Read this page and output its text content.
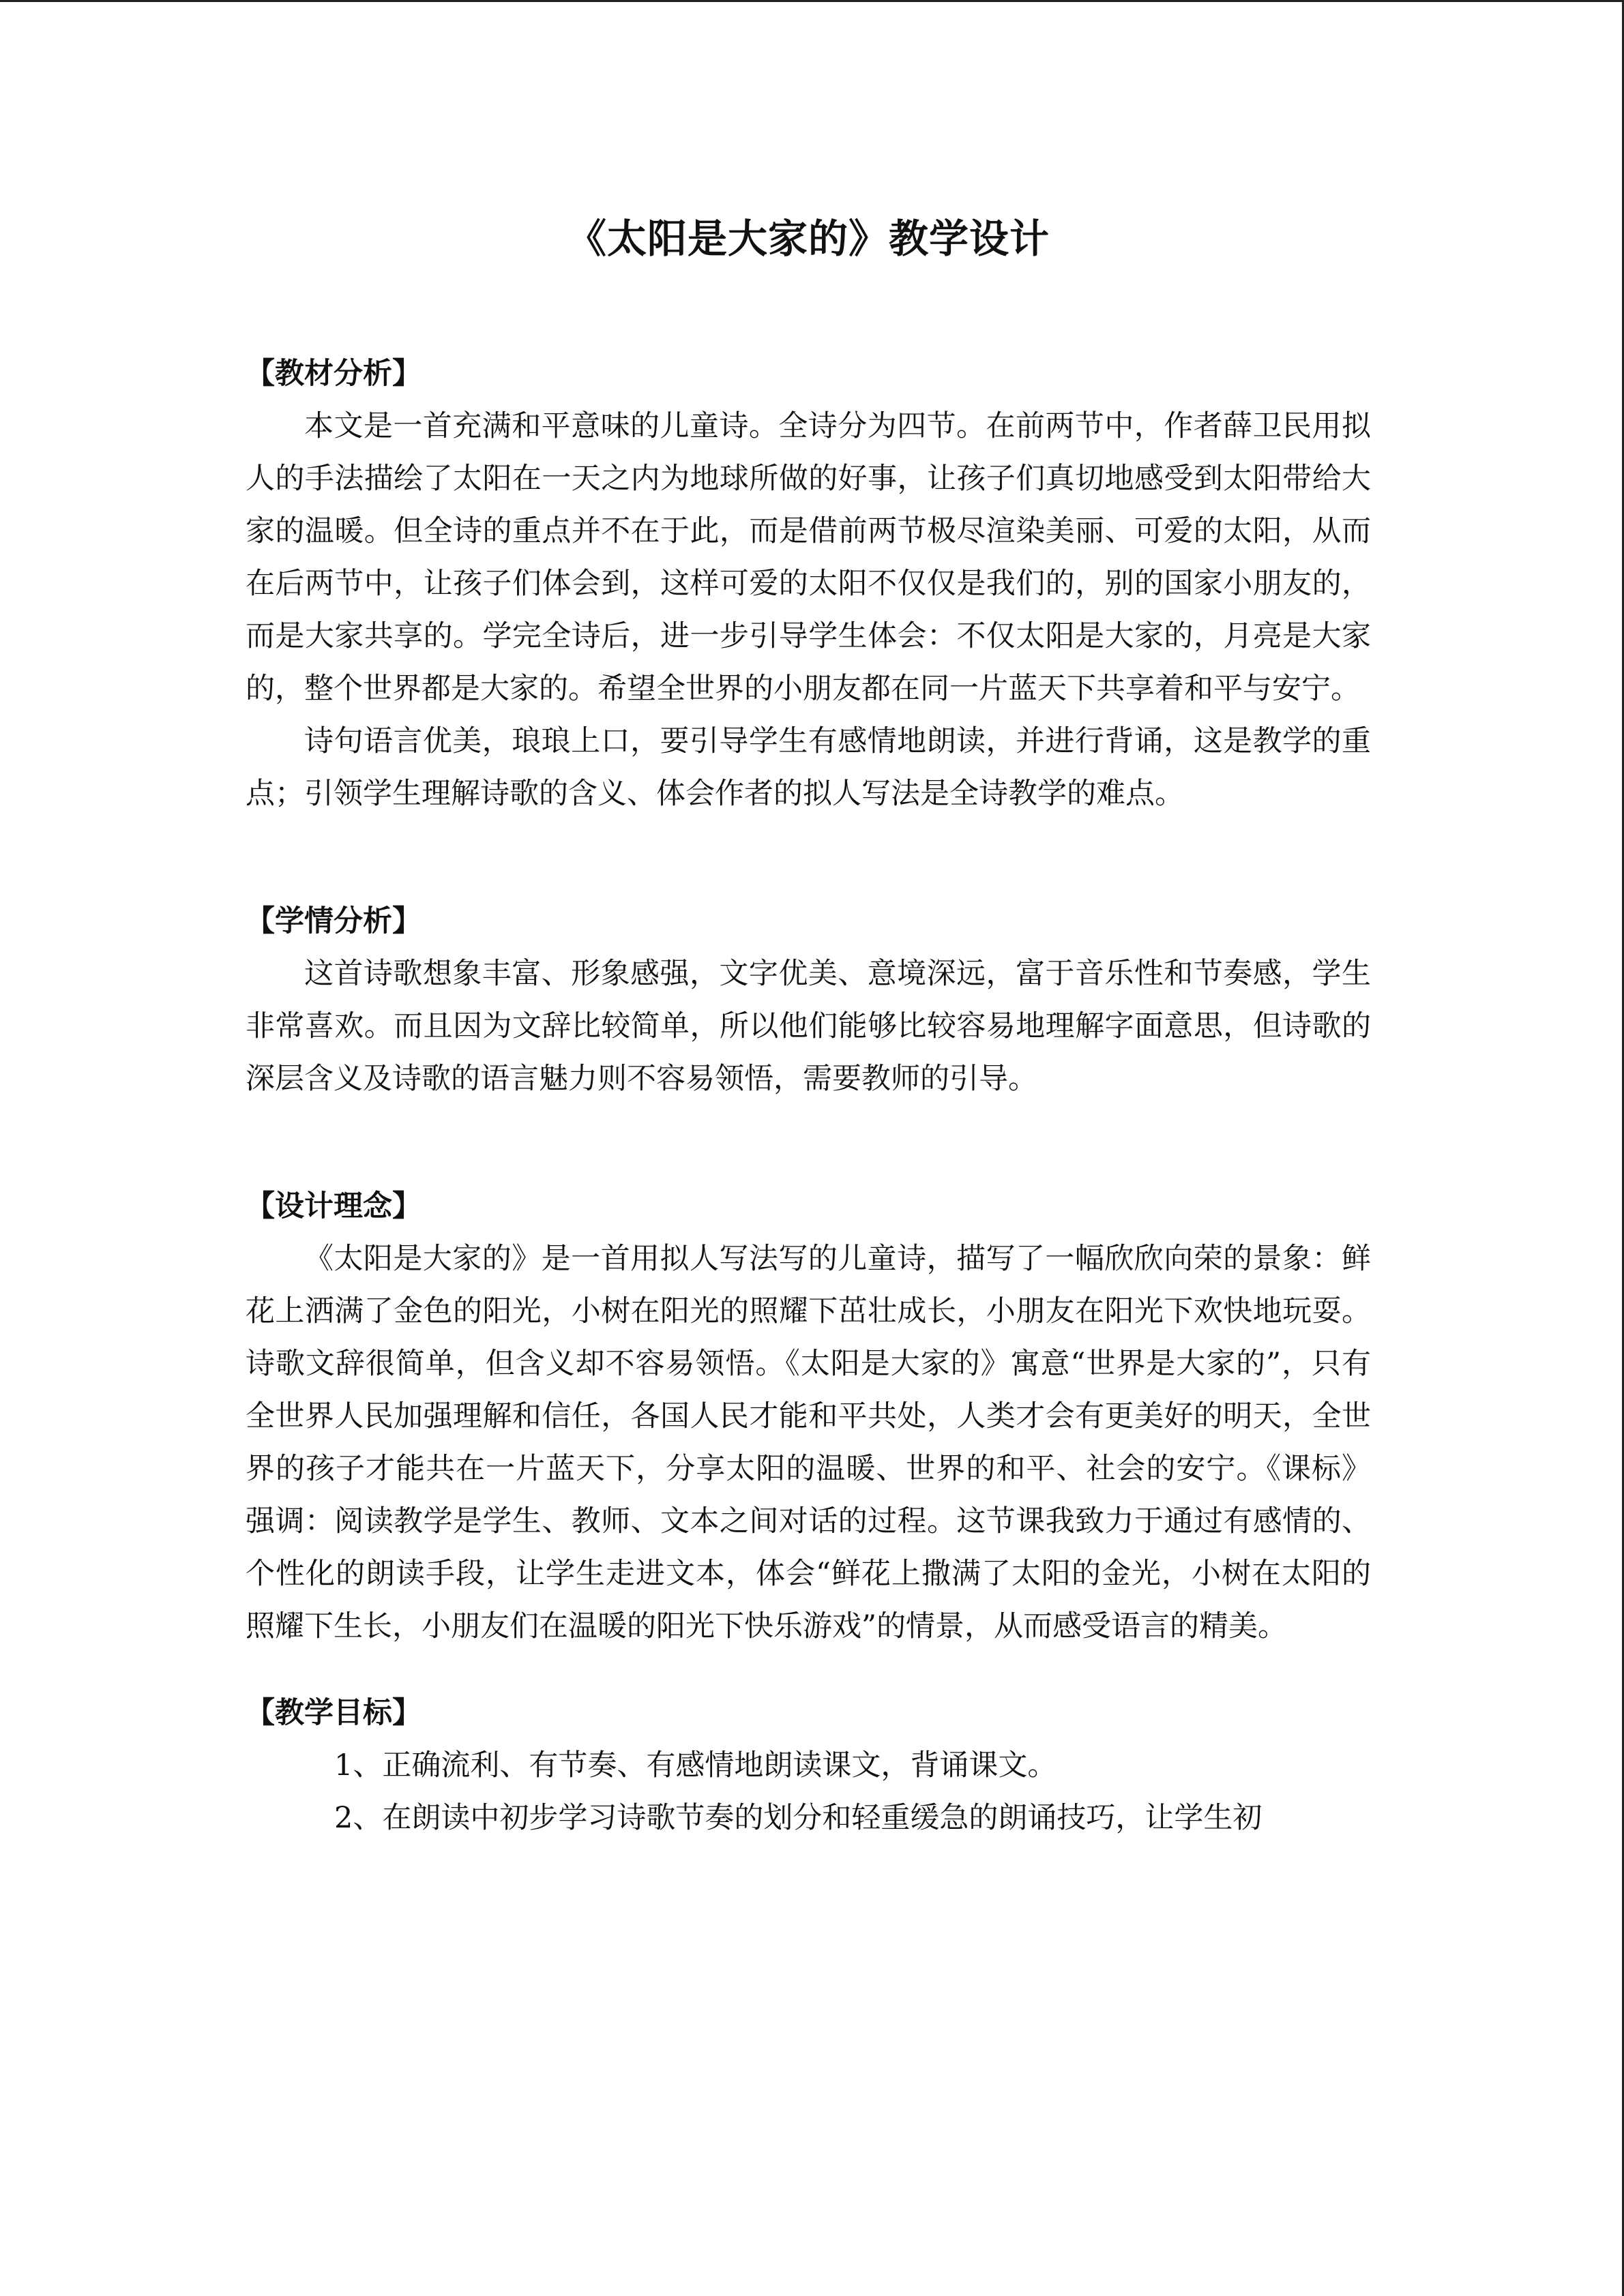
《太阳是大家的》教学设计

【教材分析】

本文是一首充满和平意味的儿童诗。全诗分为四节。在前两节中，作者薛卫民用拟人的手法描绘了太阳在一天之内为地球所做的好事，让孩子们真切地感受到太阳带给大家的温暖。但全诗的重点并不在于此，而是借前两节极尽渲染美丽、可爱的太阳，从而在后两节中，让孩子们体会到，这样可爱的太阳不仅仅是我们的，别的国家小朋友的，而是大家共享的。学完全诗后，进一步引导学生体会：不仅太阳是大家的，月亮是大家的，整个世界都是大家的。希望全世界的小朋友都在同一片蓝天下共享着和平与安宁。

诗句语言优美，琅琅上口，要引导学生有感情地朗读，并进行背诵，这是教学的重点；引领学生理解诗歌的含义、体会作者的拟人写法是全诗教学的难点。

【学情分析】

这首诗歌想象丰富、形象感强，文字优美、意境深远，富于音乐性和节奏感，学生非常喜欢。而且因为文辞比较简单，所以他们能够比较容易地理解字面意思，但诗歌的深层含义及诗歌的语言魅力则不容易领悟，需要教师的引导。

【设计理念】

《太阳是大家的》是一首用拟人写法写的儿童诗，描写了一幅欣欣向荣的景象：鲜花上洒满了金色的阳光，小树在阳光的照耀下茁壮成长，小朋友在阳光下欢快地玩耍。诗歌文辞很简单，但含义却不容易领悟。《太阳是大家的》寓意“世界是大家的”，只有全世界人民加强理解和信任，各国人民才能和平共处，人类才会有更美好的明天，全世界的孩子才能共在一片蓝天下，分享太阳的温暖、世界的和平、社会的安宁。《课标》强调：阅读教学是学生、教师、文本之间对话的过程。这节课我致力于通过有感情的、个性化的朗读手段，让学生走进文本，体会“鲜花上撒满了太阳的金光，小树在太阳的照耀下生长，小朋友们在温暖的阳光下快乐游戏”的情景，从而感受语言的精美。

【教学目标】

1、正确流利、有节奏、有感情地朗读课文，背诵课文。

2、在朗读中初步学习诗歌节奏的划分和轻重缓急的朗诵技巧，让学生初
